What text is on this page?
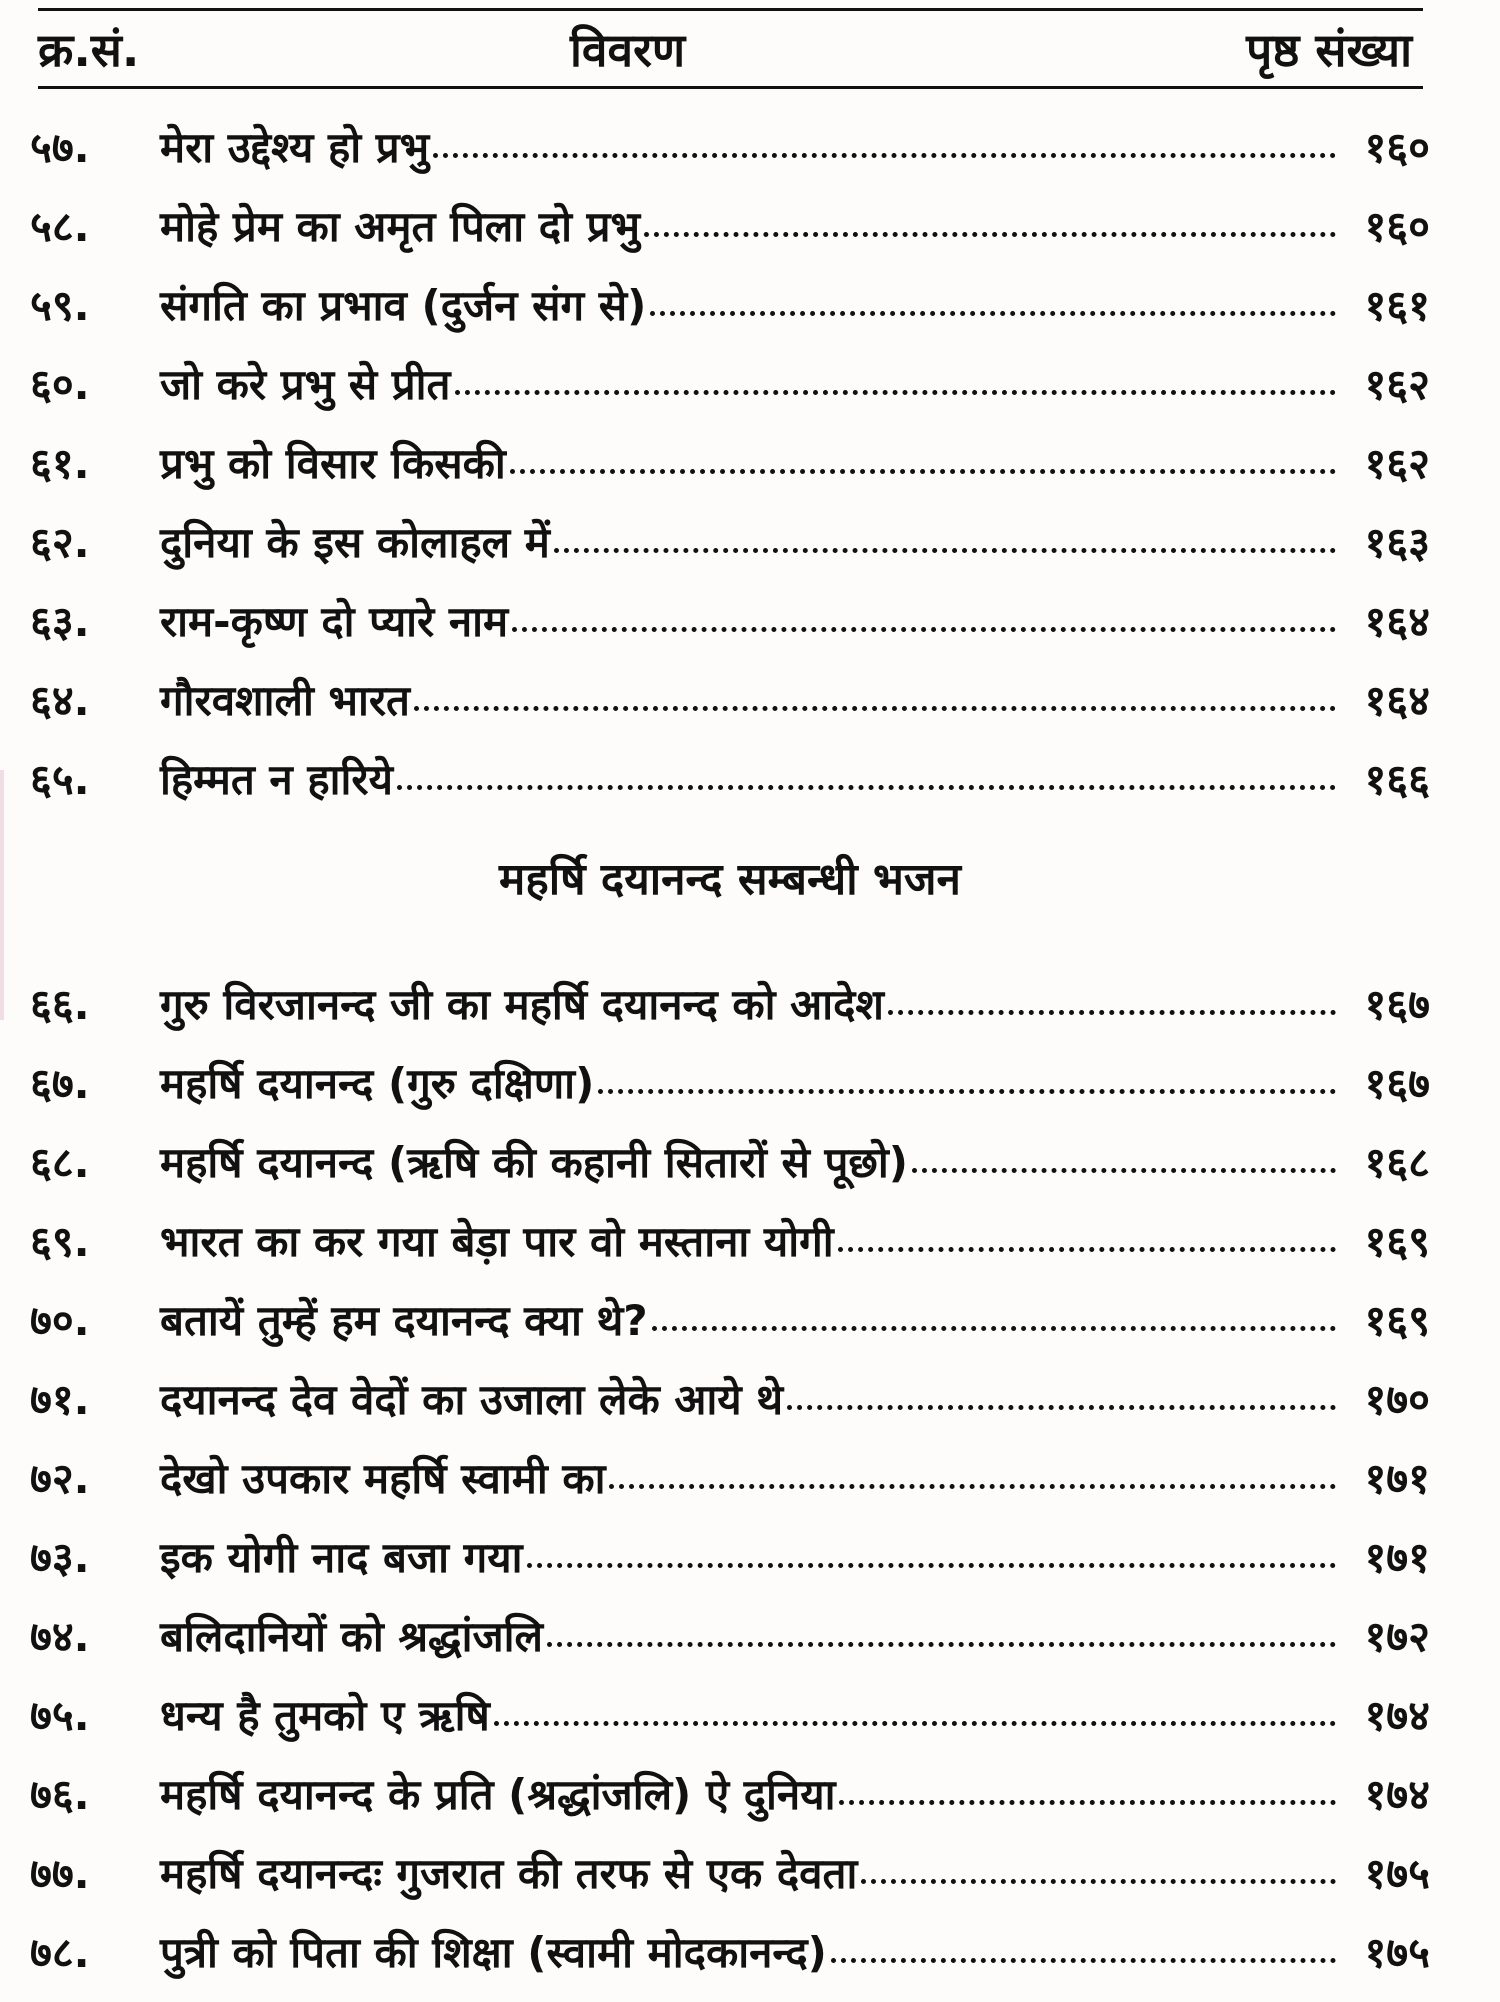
क्र.सं.	विवरण	पृष्ठ संख्या
५७.	मेरा उद्देश्य हो प्रभु	१६०
५८.	मोहे प्रेम का अमृत पिला दो प्रभु	१६०
५९.	संगति का प्रभाव (दुर्जन संग से)	१६१
६०.	जो करे प्रभु से प्रीत	१६२
६१.	प्रभु को विसार किसकी	१६२
६२.	दुनिया के इस कोलाहल में	१६३
६३.	राम-कृष्ण दो प्यारे नाम	१६४
६४.	गौरवशाली भारत	१६४
६५.	हिम्मत न हारिये	१६६
महर्षि दयानन्द सम्बन्धी भजन
६६.	गुरु विरजानन्द जी का महर्षि दयानन्द को आदेश	१६७
६७.	महर्षि दयानन्द (गुरु दक्षिणा)	१६७
६८.	महर्षि दयानन्द (ऋषि की कहानी सितारों से पूछो)	१६८
६९.	भारत का कर गया बेड़ा पार वो मस्ताना योगी	१६९
७०.	बतायें तुम्हें हम दयानन्द क्या थे?	१६९
७१.	दयानन्द देव वेदों का उजाला लेके आये थे	१७०
७२.	देखो उपकार महर्षि स्वामी का	१७१
७३.	इक योगी नाद बजा गया	१७१
७४.	बलिदानियों को श्रद्धांजलि	१७२
७५.	धन्य है तुमको ए ऋषि	१७४
७६.	महर्षि दयानन्द के प्रति (श्रद्धांजलि) ऐ दुनिया	१७४
७७.	महर्षि दयानन्दः गुजरात की तरफ से एक देवता	१७५
७८.	पुत्री को पिता की शिक्षा (स्वामी मोदकानन्द)	१७५
